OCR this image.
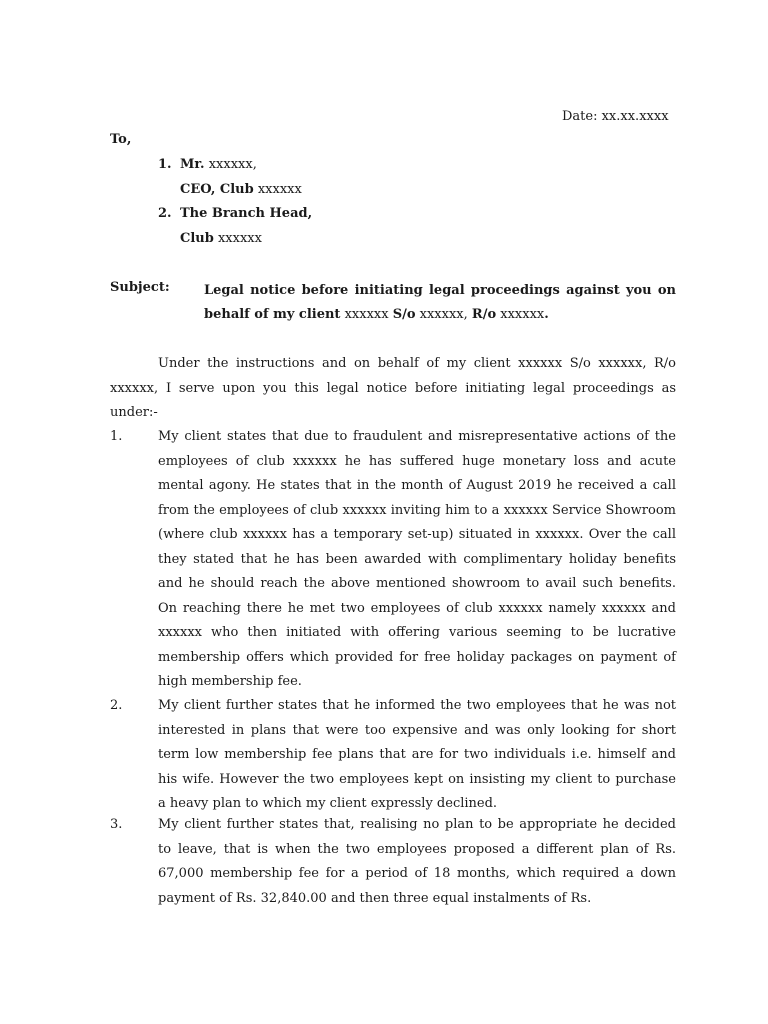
Date: xx.xx.xxxx
To,
1. Mr. xxxxxx,
CEO, Club xxxxxx
2. The Branch Head,
Club xxxxxx
Subject:	Legal notice before initiating legal proceedings against you on behalf of my client xxxxxx S/o xxxxxx, R/o xxxxxx.
Under the instructions and on behalf of my client xxxxxx S/o xxxxxx, R/o xxxxxx, I serve upon you this legal notice before initiating legal proceedings as under:-
1.	My client states that due to fraudulent and misrepresentative actions of the employees of club xxxxxx he has suffered huge monetary loss and acute mental agony. He states that in the month of August 2019 he received a call from the employees of club xxxxxx inviting him to a xxxxxx Service Showroom (where club xxxxxx has a temporary set-up) situated in xxxxxx. Over the call they stated that he has been awarded with complimentary holiday benefits and he should reach the above mentioned showroom to avail such benefits. On reaching there he met two employees of club xxxxxx namely xxxxxx and xxxxxx who then initiated with offering various seeming to be lucrative membership offers which provided for free holiday packages on payment of high membership fee.
2.	My client further states that he informed the two employees that he was not interested in plans that were too expensive and was only looking for short term low membership fee plans that are for two individuals i.e. himself and his wife. However the two employees kept on insisting my client to purchase a heavy plan to which my client expressly declined.
3.	My client further states that, realising no plan to be appropriate he decided to leave, that is when the two employees proposed a different plan of Rs. 67,000 membership fee for a period of 18 months, which required a down payment of Rs. 32,840.00 and then three equal instalments of Rs.
